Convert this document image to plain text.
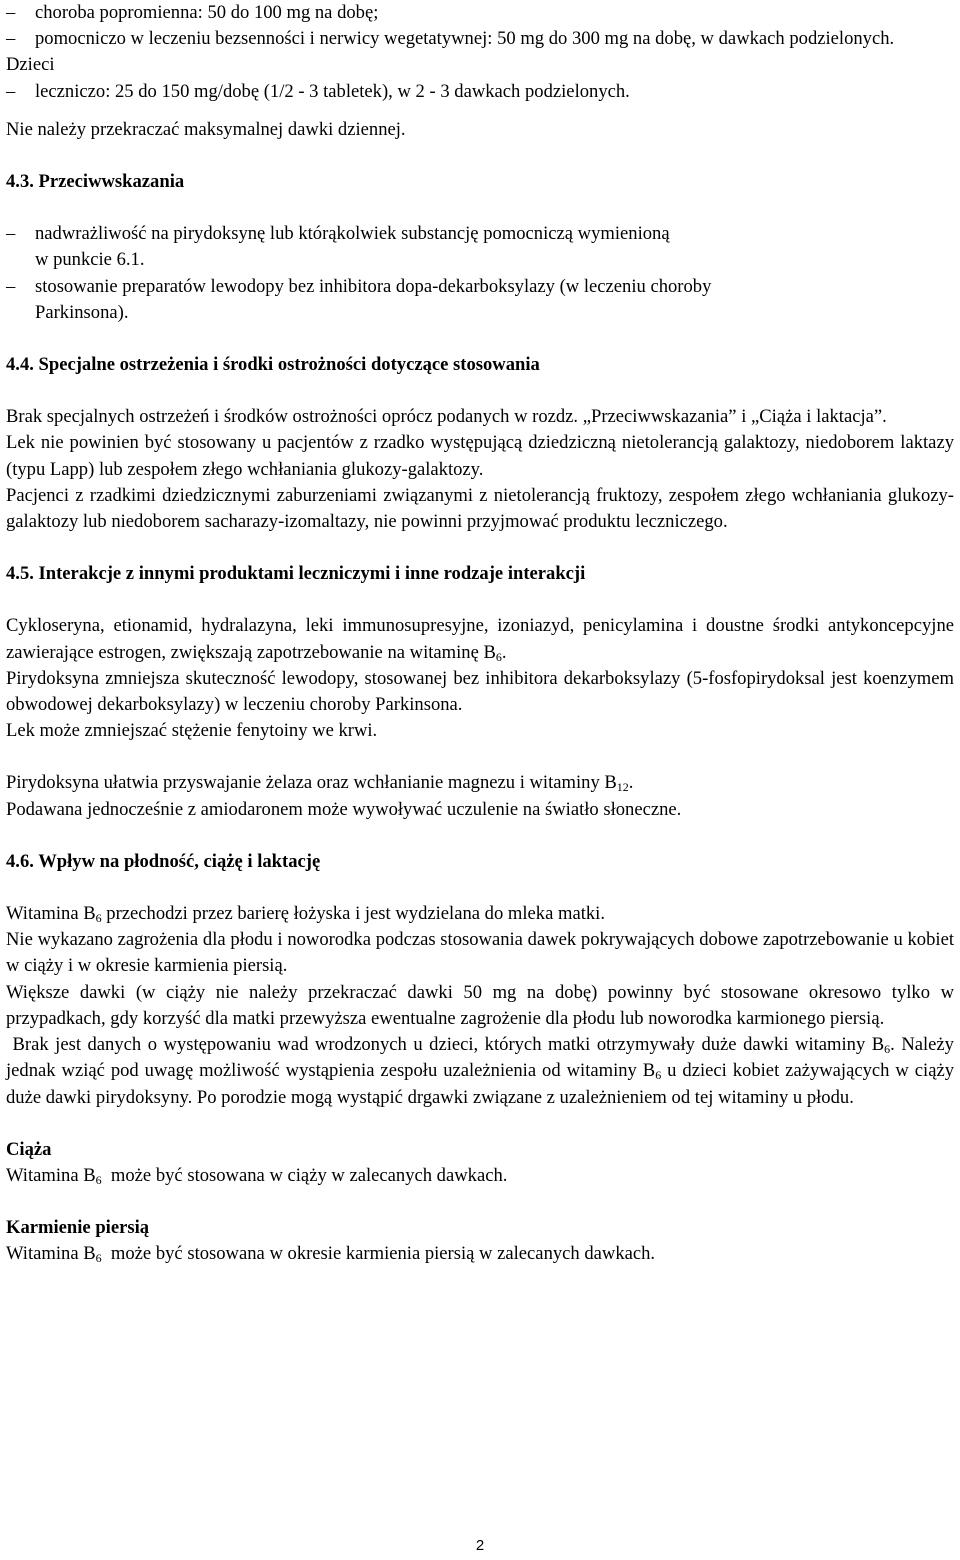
– choroba popromienna: 50 do 100 mg na dobę;

– pomocniczo w leczeniu bezsenności i nerwicy wegetatywnej: 50 mg do 300 mg na dobę, w dawkach podzielonych.

Dzieci

– leczniczo: 25 do 150 mg/dobę (1/2 - 3 tabletek), w 2 - 3 dawkach podzielonych.

Nie należy przekraczać maksymalnej dawki dziennej.

4.3. Przeciwwskazania

– nadwrażliwość na pirydoksynę lub którąkolwiek substancję pomocniczą wymienioną

w punkcie 6.1.

– stosowanie preparatów lewodopy bez inhibitora dopa-dekarboksylazy (w leczeniu choroby

Parkinsona).

4.4. Specjalne ostrzeżenia i środki ostrożności dotyczące stosowania

Brak specjalnych ostrzeżeń i środków ostrożności oprócz podanych w rozdz. „Przeciwwskazania” i „Ciąża i laktacja”.

Lek nie powinien być stosowany u pacjentów z rzadko występującą dziedziczną nietolerancją galaktozy, niedoborem laktazy (typu Lapp) lub zespołem złego wchłaniania glukozy-galaktozy.

Pacjenci z rzadkimi dziedzicznymi zaburzeniami związanymi z nietolerancją fruktozy, zespołem złego wchłaniania glukozy-galaktozy lub niedoborem sacharazy-izomaltazy, nie powinni przyjmować produktu leczniczego.

4.5. Interakcje z innymi produktami leczniczymi i inne rodzaje interakcji

Cykloseryna, etionamid, hydralazyna, leki immunosupresyjne, izoniazyd, penicylamina i doustne środki antykoncepcyjne zawierające estrogen, zwiększają zapotrzebowanie na witaminę $B_6$.

Pirydoksyna zmniejsza skuteczność lewodopy, stosowanej bez inhibitora dekarboksylazy (5-fosfopirydoksal jest koenzymem obwodowej dekarboksylazy) w leczeniu choroby Parkinsona.

Lek może zmniejszać stężenie fenytoiny we krwi.

Pirydoksyna ułatwia przyswajanie żelaza oraz wchłanianie magnezu i witaminy $B_{12}$.

Podawana jednocześnie z amiodaronem może wywoływać uczulenie na światło słoneczne.

4.6. Wpływ na płodność, ciążę i laktację

Witamina $B_6$ przechodzi przez barierę łożyska i jest wydzielana do mleka matki.

Nie wykazano zagrożenia dla płodu i noworodka podczas stosowania dawek pokrywających dobowe zapotrzebowanie u kobiet w ciąży i w okresie karmienia piersią.

Większe dawki (w ciąży nie należy przekraczać dawki 50 mg na dobę) powinny być stosowane okresowo tylko w przypadkach, gdy korzyść dla matki przewyższa ewentualne zagrożenie dla płodu lub noworodka karmionego piersią.

Brak jest danych o występowaniu wad wrodzonych u dzieci, których matki otrzymywały duże dawki witaminy $B_6$. Należy jednak wziąć pod uwagę możliwość wystąpienia zespołu uzależnienia od witaminy $B_6$ u dzieci kobiet zażywających w ciąży duże dawki pirydoksyny. Po porodzie mogą wystąpić drgawki związane z uzależnieniem od tej witaminy u płodu.

Ciąża

Witamina $B_6$  może być stosowana w ciąży w zalecanych dawkach.

Karmienie piersią

Witamina $B_6$  może być stosowana w okresie karmienia piersią w zalecanych dawkach.

2
